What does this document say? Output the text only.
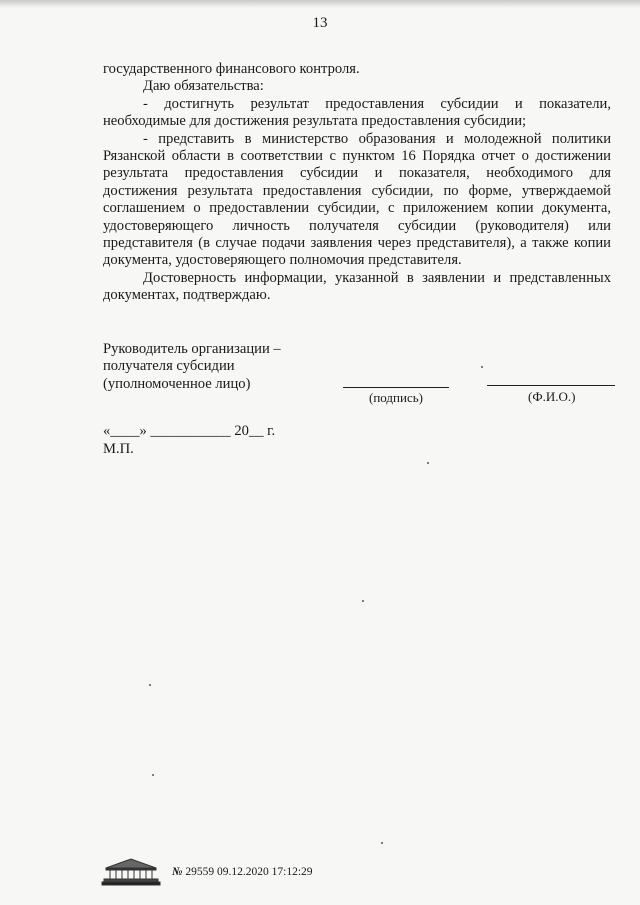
13

государственного финансового контроля.

Даю обязательства:

- достигнуть результат предоставления субсидии и показатели, необходимые для достижения результата предоставления субсидии;

- представить в министерство образования и молодежной политики Рязанской области в соответствии с пунктом 16 Порядка отчет о достижении результата предоставления субсидии и показателя, необходимого для достижения результата предоставления субсидии, по форме, утверждаемой соглашением о предоставлении субсидии, с приложением копии документа, удостоверяющего личность получателя субсидии (руководителя) или представителя (в случае подачи заявления через представителя), а также копии документа, удостоверяющего полномочия представителя.

Достоверность информации, указанной в заявлении и представленных документах, подтверждаю.

Руководитель организации –
получателя субсидии
(уполномоченное лицо)
(подпись)	(Ф.И.О.)
«____» ___________ 20__ г.
М.П.
№ 29559 09.12.2020 17:12:29
